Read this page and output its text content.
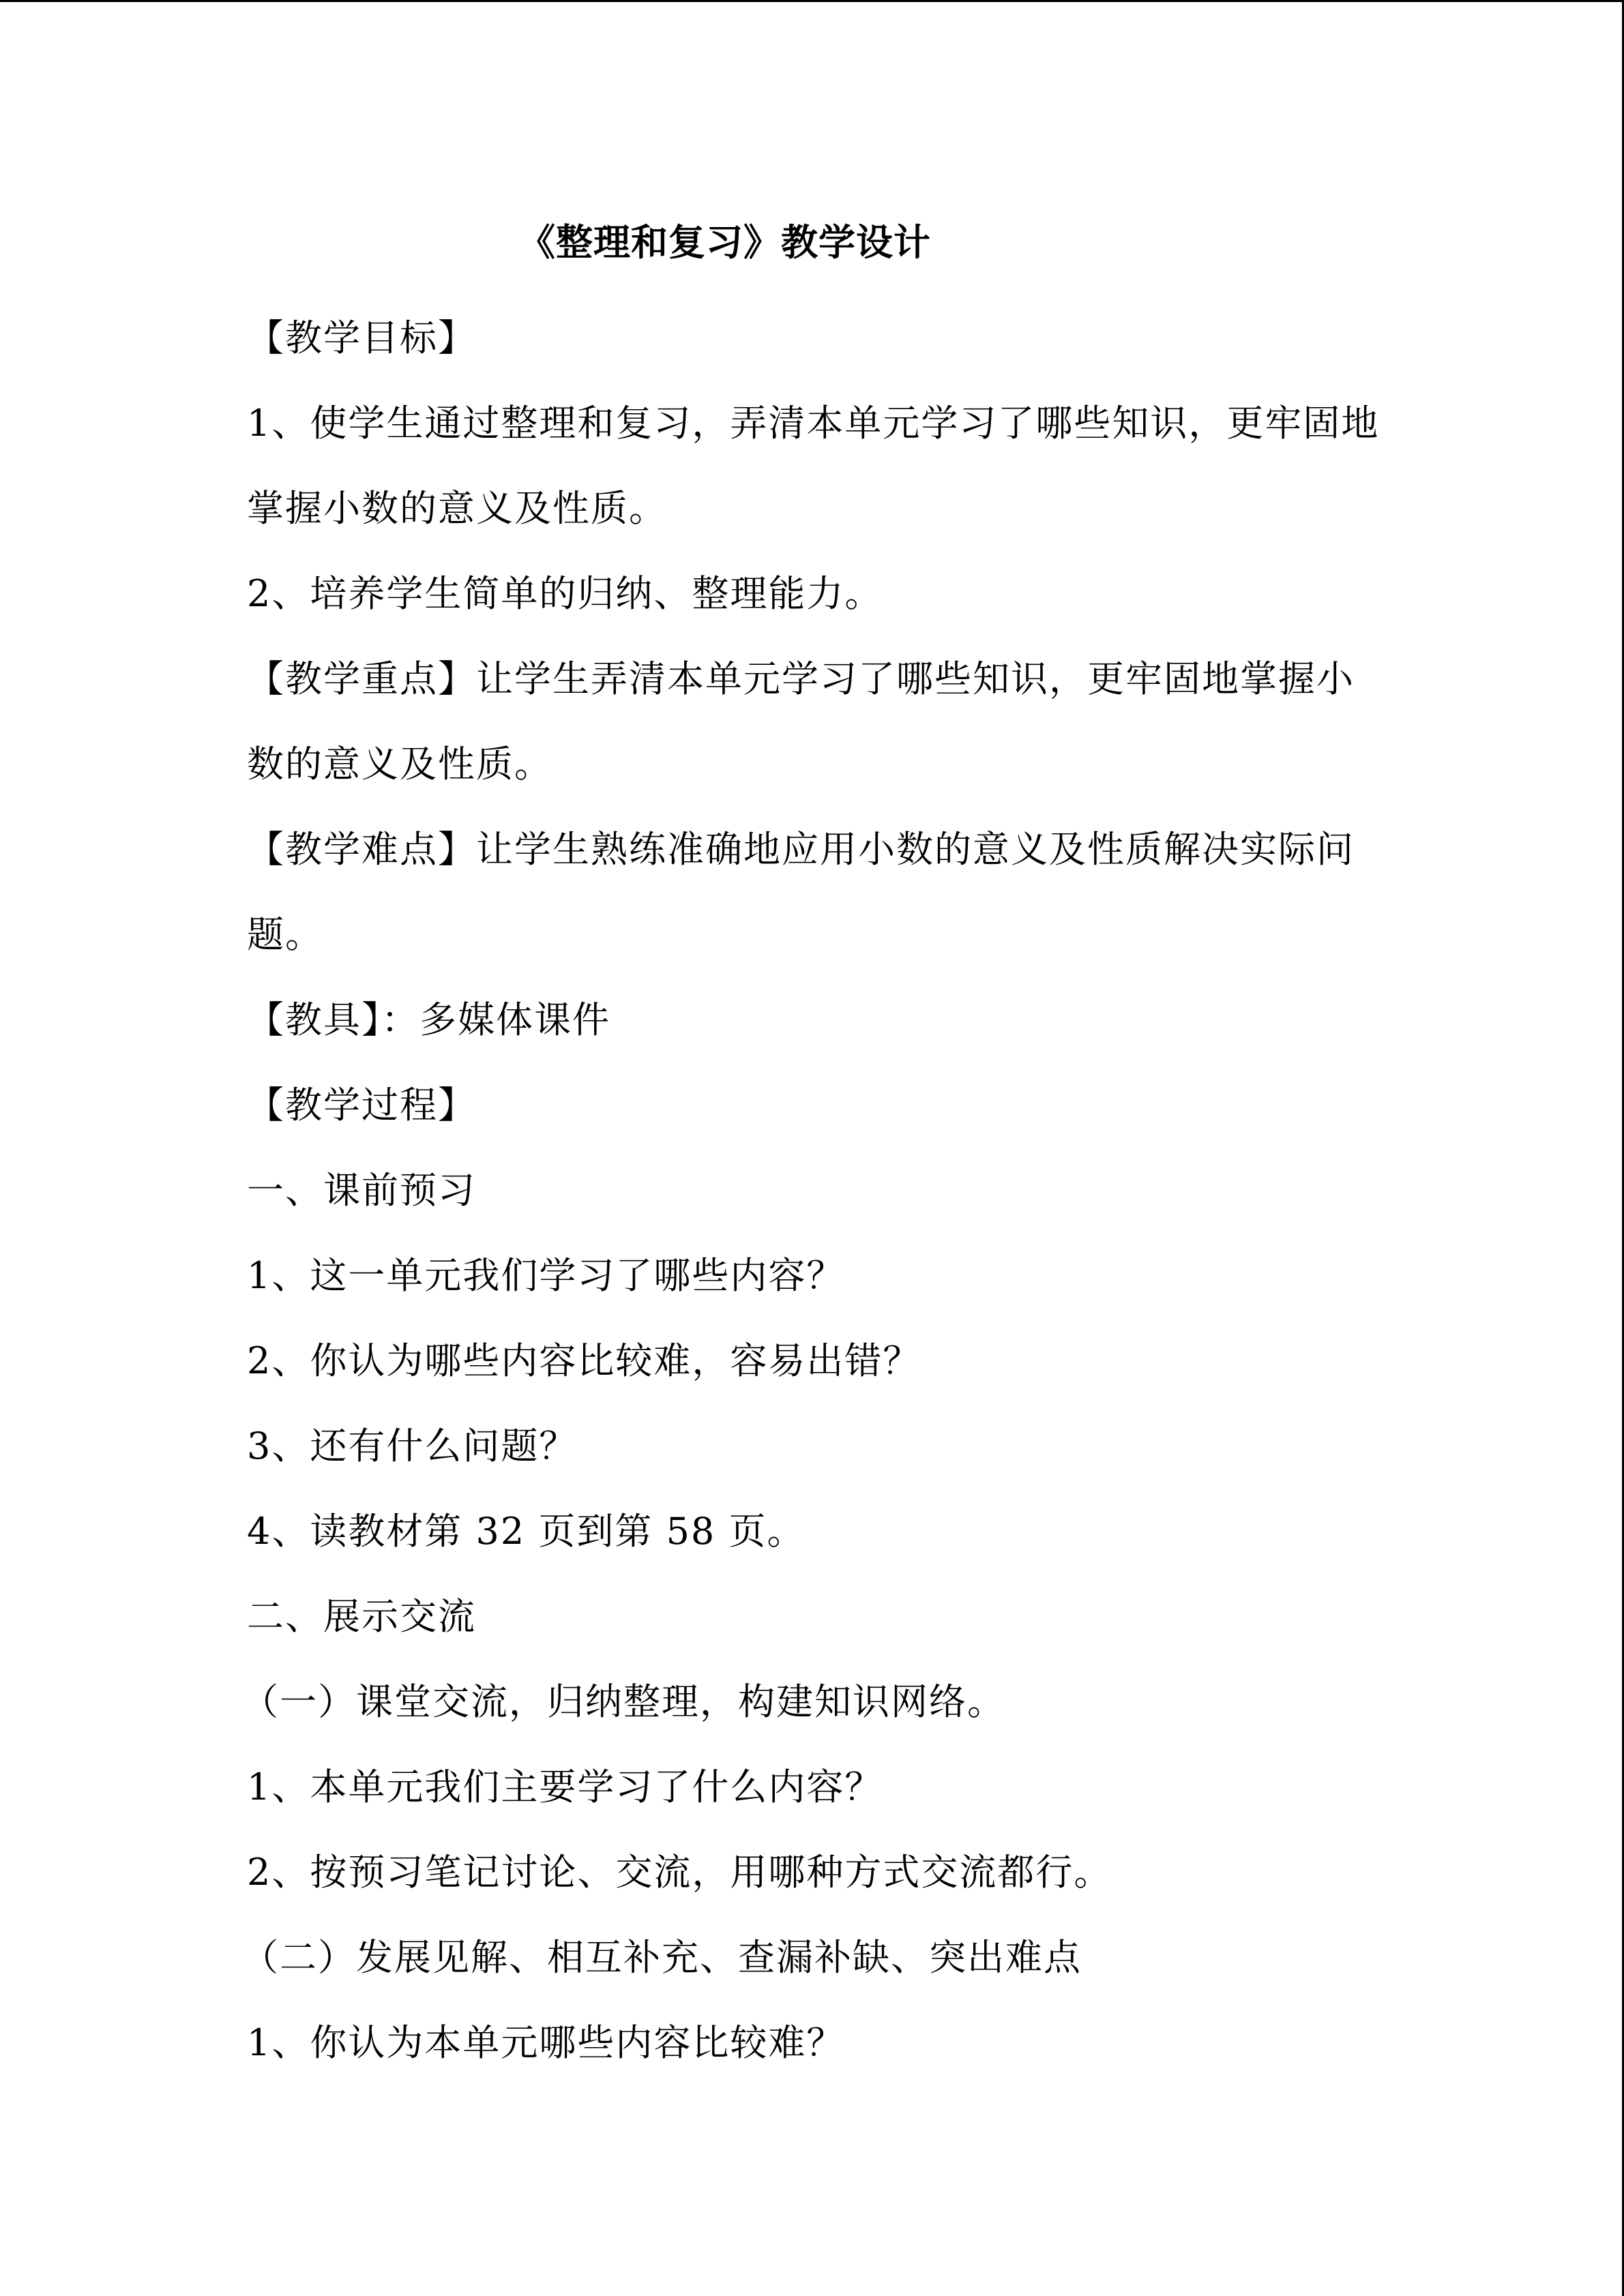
《整理和复习》教学设计
【教学目标】
1、使学生通过整理和复习，弄清本单元学习了哪些知识，更牢固地
掌握小数的意义及性质。
2、培养学生简单的归纳、整理能力。
【教学重点】让学生弄清本单元学习了哪些知识，更牢固地掌握小
数的意义及性质。
【教学难点】让学生熟练准确地应用小数的意义及性质解决实际问
题。
【教具】：多媒体课件
【教学过程】
一、课前预习
1、这一单元我们学习了哪些内容？
2、你认为哪些内容比较难，容易出错？
3、还有什么问题？
4、读教材第 32 页到第 58 页。
二、展示交流
（一）课堂交流，归纳整理，构建知识网络。
1、本单元我们主要学习了什么内容？
2、按预习笔记讨论、交流，用哪种方式交流都行。
（二）发展见解、相互补充、查漏补缺、突出难点
1、你认为本单元哪些内容比较难？
